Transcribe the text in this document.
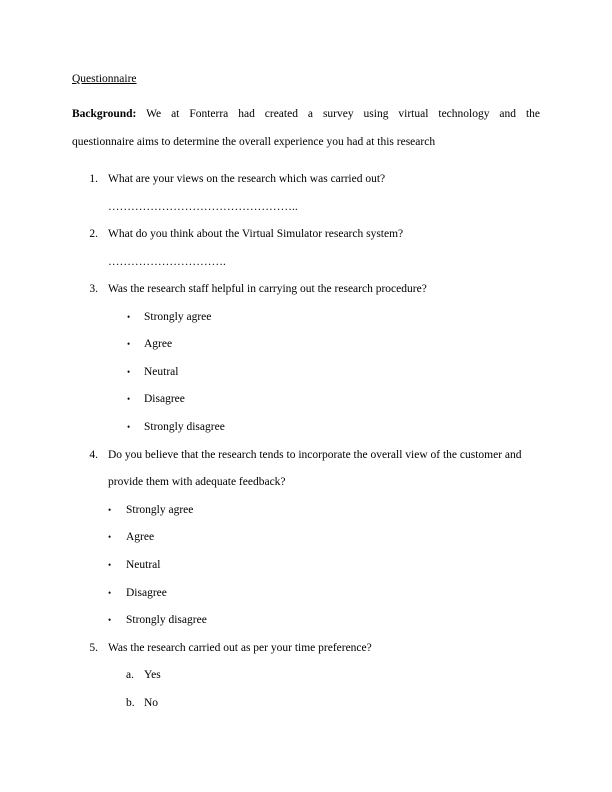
Questionnaire
Background: We at Fonterra had created a survey using virtual technology and the
questionnaire aims to determine the overall experience you had at this research
1. What are your views on the research which was carried out?
…………………………………………..
2. What do you think about the Virtual Simulator research system?
………………………….
3. Was the research staff helpful in carrying out the research procedure?
• Strongly agree
• Agree
• Neutral
• Disagree
• Strongly disagree
4. Do you believe that the research tends to incorporate the overall view of the customer and
provide them with adequate feedback?
• Strongly agree
• Agree
• Neutral
• Disagree
• Strongly disagree
5. Was the research carried out as per your time preference?
a. Yes
b. No
